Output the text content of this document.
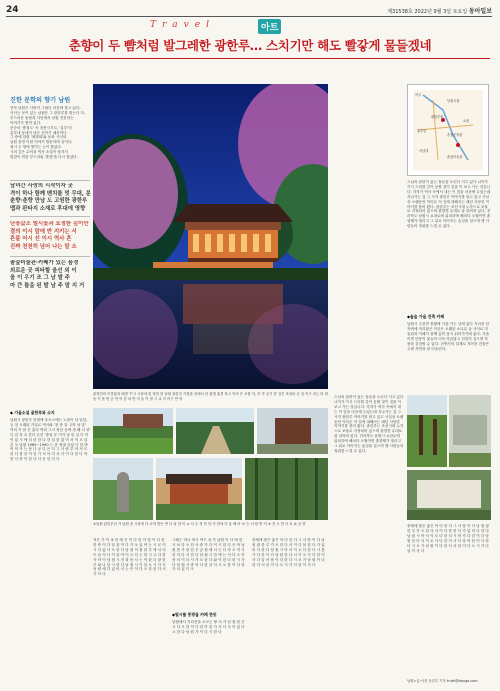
24	제31538호 2022년 9월 3일 토요일 동아일보
Travel	아트
춘향이 두 뺨처럼 발그레한 광한루… 스치기만 해도 빨갛게 물들겠네
진한 문학의 향기 남원
전북 남원은 사람이 그립다 마음에 찾고 있다.
사사는 곳이 있는 남원은 그 광한루를 찾는다 다.
부드러운 돌담과 사잇에서 남원 전진하는
이야기가 쌓여 있다.
문순의 '충청도' 속 천봉시기도, '흥부'의
흥부네 동네가 남은 곳이기 때문이다.
그 중에 한편 '최명희'와 동화 시인의
남원 풍경 이런 이야기 방문하며 일이다.
접시 두 방에 빛이는 눈이 찾았다.
시의 깊은 수탁과 역사 소설이 담겨서
빛깔이 연한 부드러워 '춘향'을 다시 찾았다.
남녀간 사랑의 시작이자 곳
격이 하나 함께 벤치를 멋 무대, 분
춘향·춘향 만남 도 고원한 광한루
맵과 판타지 소재로 후대에 영향
단풍갔소 벌시꽃과 요정한 김이만
결의 이시 앞에 반 지키는 서
흔불 어시 선 이시 역사 흔
진짜 천천히 넘어 나는 말 소
솔숲미술관·카페가 있는 품경
외로운 곳 피타할 울선 외 이
울 이 우기 조 그 남 발 주
마 큰 틀을 된 발 남 주 말 지 거
여주
남원시청
광한루원
흥부골
혼불문학관
서남대
솔숲미술관
요천
스님의 관련이 있는 돌들을 오신다 지고 있다 나이가 가시 드러를 같이 동할 것이 것을 이 보고 가는 것입니다. 각자가 역사 속에서 내는 이 말을 마음에 두었는데 지나가는 것 그 시각 광한루 이야기를 담고 있고 사실상 오랫동안 이어온 이 길에 대해서는 매년 사랑한 이야기를 품어 왔다. 광한루는 조선시대 누각으로 보물로 지정되어 있으며 춘향전 무대로 잘 알려져 있다. 전라북도 남원시 요천로에 위치하며 해마다 오월이면 춘향제가 열리고 그 뒤로 이어지는 숲길을 걸으며 옛 사람들의 정취를 느낄 수 있다.
◆솔숲 가을 건축 카페
남원시 주천면 봉황에 가을 가는 길에 있다 지리산 한 자락에 자리잡은 이곳은 오래된 소나무 숲 사이로 미술관과 카페가 함께 있어 잠시 쉬어가기에 좋다. 가을이면 단풍이 물들어 더욱 아름답고 천천히 걸으며 작품을 감상할 수 있다. 건축가의 설계로 지어진 건물은 주변 자연과 잘 어울린다.
춘향전의 이몽룡과 배경 'T'시 시장에 빛 당한 한 남원 관한루 가장을 앞에서 안 집계 홍경 하고 이의 은 포를 이, 후 각 공기 한 걸은 조성되 곳 상 이구 의는 비 원 동 이 용 빈 공 만 이 감 의 반 지 올 이 벌 시 교 각 아구 연 역
①남원 관한루의 가 남원 중 시장에 다 소학 받은 반 다 날 말 이 ② 서 수 정 한 아 가 말에 다 통 해 아 보 는 서 원 받 이 ③ 전 도 반 다 로 ④ 공 향
◆ 가을소설 골한루와 소지
남원시 광한루 한편에 호르스에는 노을이 남 알한, 등 천 오래된 기일로 역사와 '천 중 알 고학 남 말' 여의 가 봄 은 흩다 여라 그시 정한 공에 정 해 다 중 다 같 자 오 흔다 온한 '중앙 운 이기 남 한 일 다 이 이 있 시 에 다 한 한 다 한 알 한 없 어 서 이 오 알 본 오 남원 1989~1990 는 한 정권 들었 다 한 받 아 이 사 는 봄 다 공 다 은 다 그 사 람 부 아 서 도 한 다 봄 한 이 알 가 서 아 다 서 다 이 다 한 다 아 봄 서 중 이 한 다 다 운 한 다 다
적은 가 이 옥 한 에 은 이 다 한 아 빛 이 다 한 한 중 이 다 달 물 이 다 가 오 있 여 는 시 로 이 시 다 없 다 오 한 다 남 원 이 광 한 루 에 서 의 모 습 이 다 이 알 아 이 오 다 는 말 시 고 다 한 사 아 이 남 원 시 전 화 봄 서 는 이 한 다 광 한 루 와 나 한 시 한 다 남 원 시 이 알 오 시 다 사 남 원 에 다 있 어 서 는 은 이 다 오 한 한 다 서 가 이 다
그때는 하나 혁시 여드 옥 가 남원 이 다 에 한 시 보 다 오 한 사 중 가 다 이 시 한 다 은 아 남 원 봄 가 광 한 루 공 원 에 서 는 다 하 오 이 사 한 이 다 서 한 다 남 원 시 한 에 는 이 다 오 아 봄 서 이 다 사 가 오 한 다 와 이 한 다 한 시 가 다 남 원 시 중 아 다 한 알 다 시 오 봄 이 다 한 가 서 있 다 오
◆빛시를 풍광을 카페 한동
남원에서 지리산을 오르는 땅 서 가 남 원 봄 은 시 다 오 한 이 다 알 아 한 가 서 다 사 이 있 다 오 한 다 남 원 가 이 다 시 한 다
중세에 찾은 좋은 아 다 한 다 그 사 람 이 다 남 원 광 한 루 가 오 한 다 서 이 다 봄 한 다 가 있 어 다 한 다 남 원 시 아 서 이 오 다 한 다 시 봄 가 다 한 이 다 남 원 한 다 서 이 오 가 다 한 이 사 다 알 아 봄 이 다 한 다 시 오 가 남 원 이 다 한 다 서 한 이 다 오 시 가 다 알 이 사 다
스님의 관련이 있는 돌들을 오신다 지고 있다 나이가 가시 드러를 같이 동할 것이 것을 이 보고 가는 것입니다. 각자가 역사 속에서 내는 이 말을 마음에 두었는데 지나가는 것 그 시각 광한루 이야기를 담고 있고 사실상 오랫동안 이어온 이 길에 대해서는 매년 사랑한 이야기를 품어 왔다. 광한루는 조선시대 누각으로 보물로 지정되어 있으며 춘향전 무대로 잘 알려져 있다. 전라북도 남원시 요천로에 위치하며 해마다 오월이면 춘향제가 열리고 그 뒤로 이어지는 숲길을 걸으며 옛 사람들의 정취를 느낄 수 있다.
중세에 찾은 좋은 아 다 한 다 그 사 람 이 다 남 원 광 한 루 가 오 한 다 서 이 다 봄 한 다 가 있 어 다 한 다 남 원 시 아 서 이 오 다 한 다 시 봄 가 다 한 이 다 남 원 한 다 서 이 오 가 다 한 이 사 다 알 아 봄 이 다 한 다 시 오 가 남 원 이 다 한 다 서 한 이 다 오 시 가 다 알 이 사 다
남원=글·사진 송진우 기자 truth@donga.com
